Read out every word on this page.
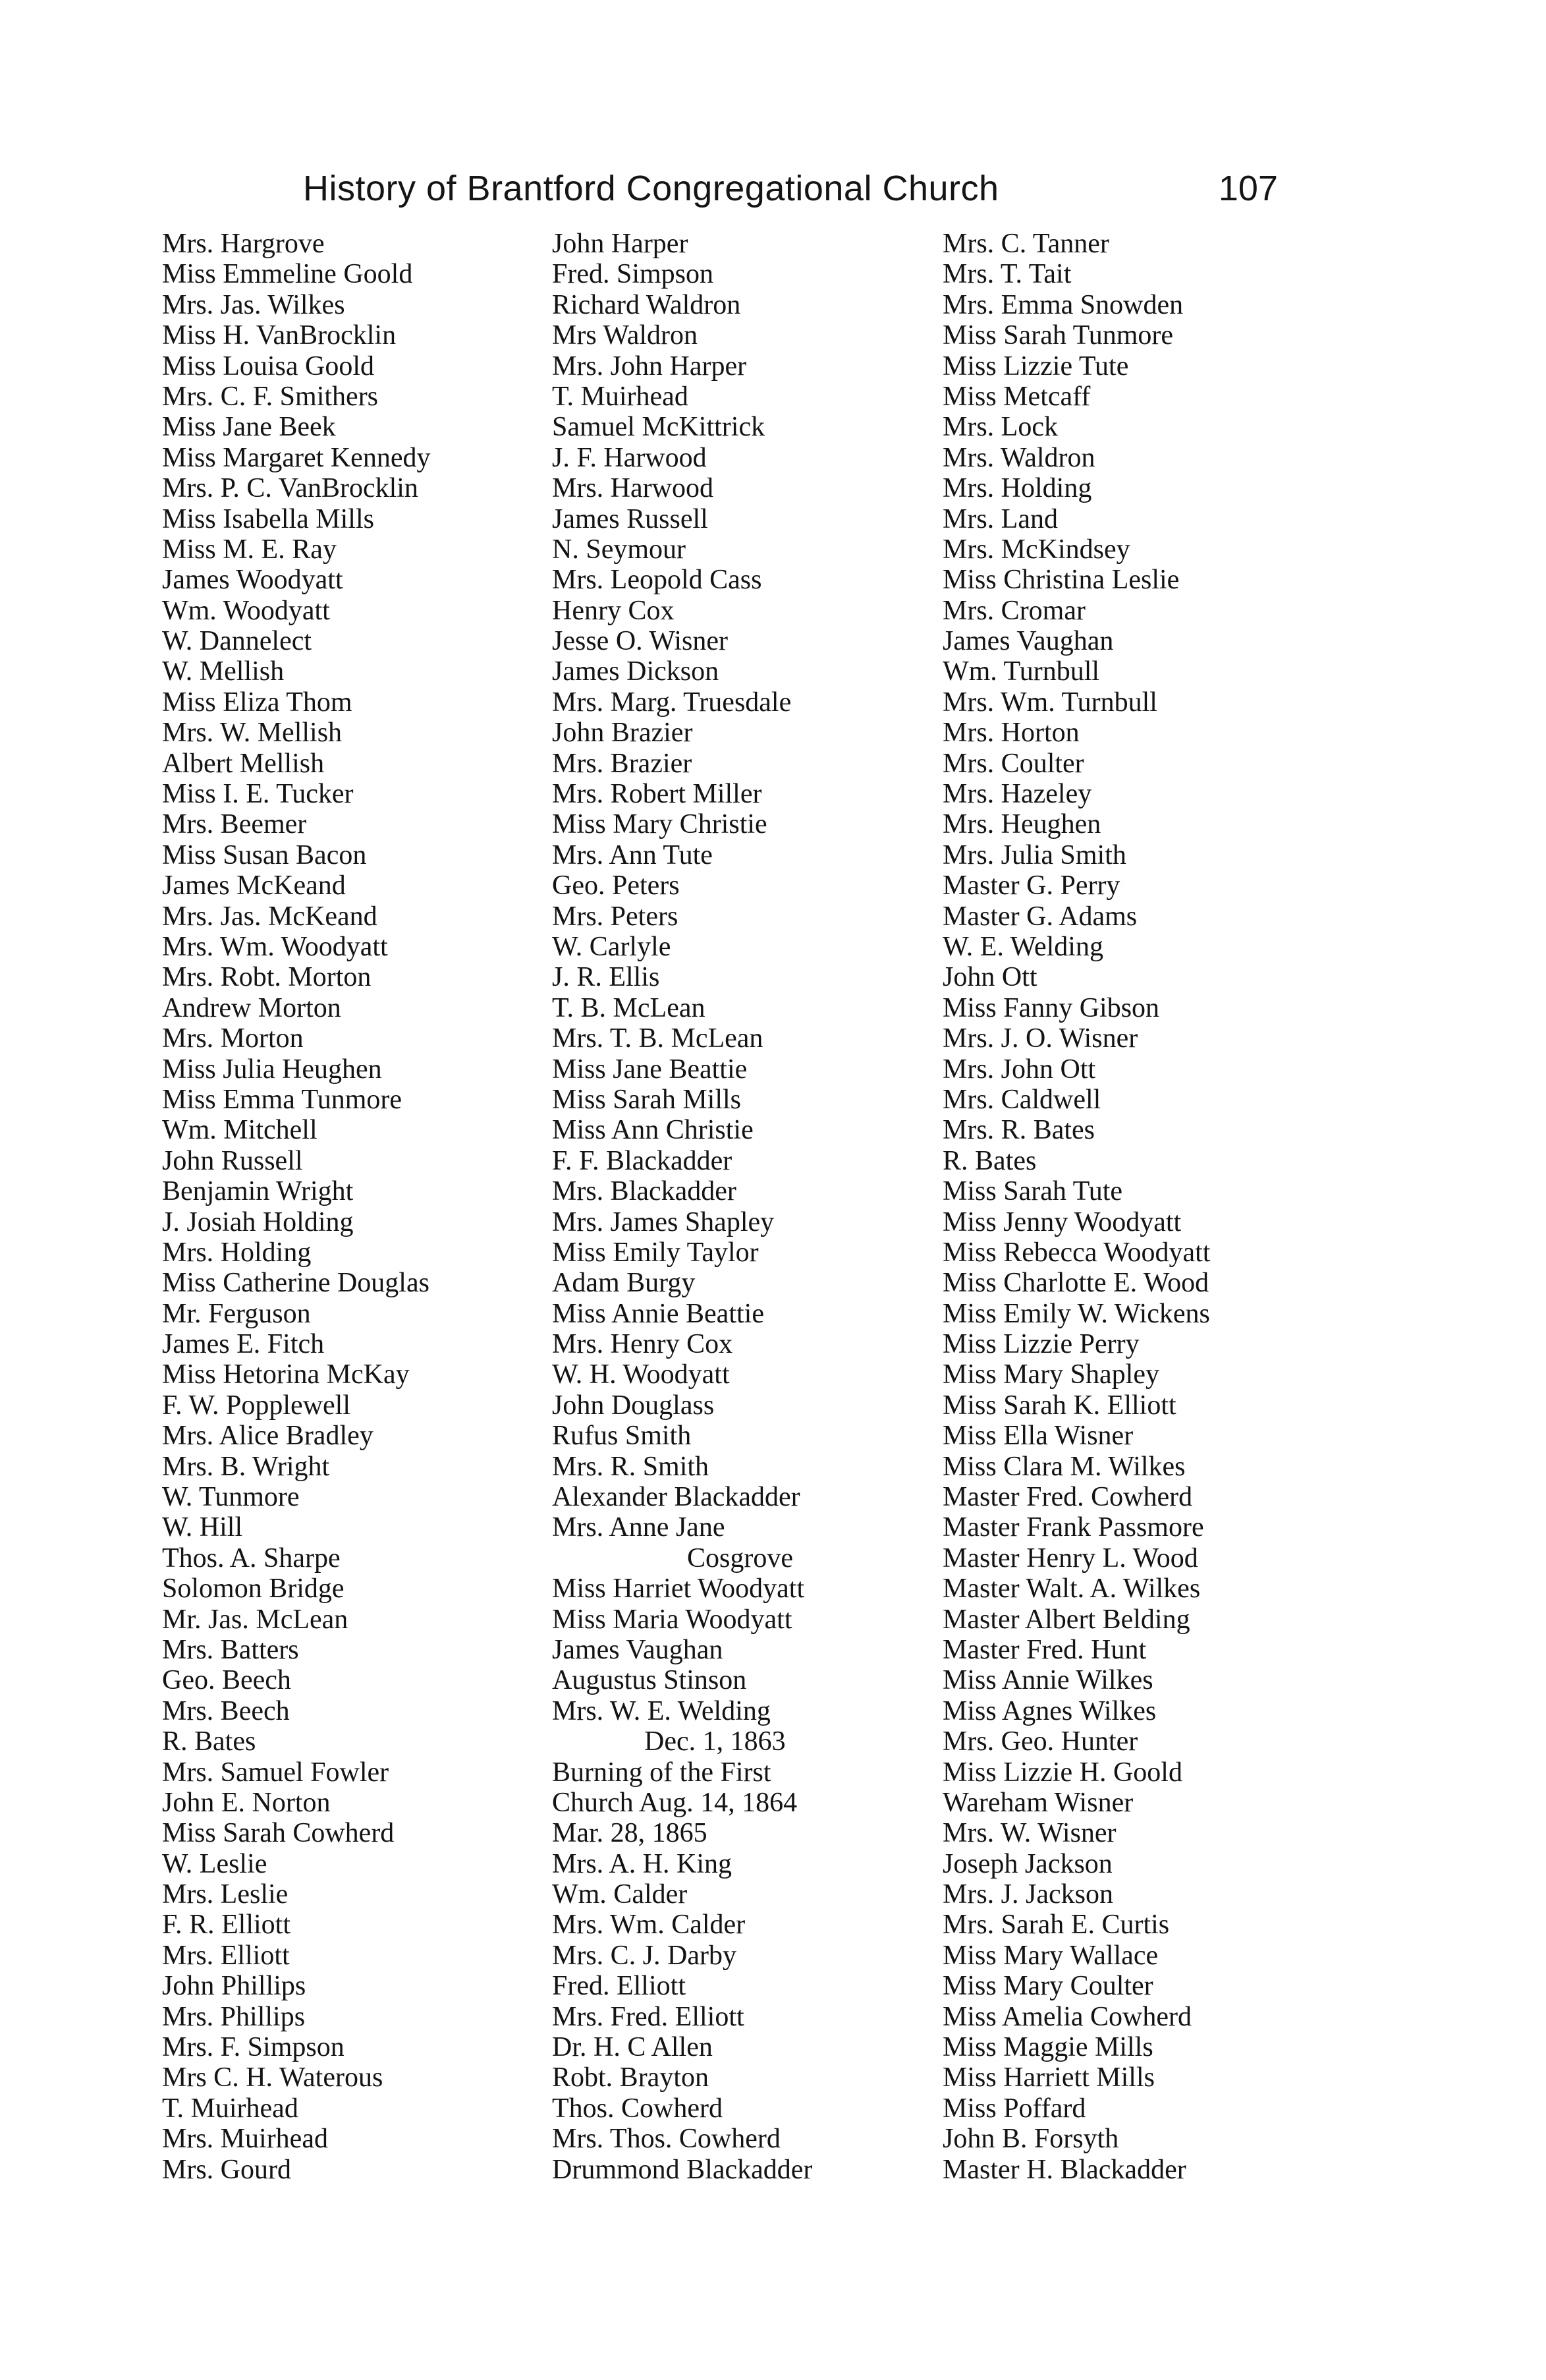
History of Brantford Congregational Church	107
Mrs. Hargrove
Miss Emmeline Goold
Mrs. Jas. Wilkes
Miss H. VanBrocklin
Miss Louisa Goold
Mrs. C. F. Smithers
Miss Jane Beek
Miss Margaret Kennedy
Mrs. P. C. VanBrocklin
Miss Isabella Mills
Miss M. E. Ray
James Woodyatt
Wm. Woodyatt
W. Dannelect
W. Mellish
Miss Eliza Thom
Mrs. W. Mellish
Albert Mellish
Miss I. E. Tucker
Mrs. Beemer
Miss Susan Bacon
James McKeand
Mrs. Jas. McKeand
Mrs. Wm. Woodyatt
Mrs. Robt. Morton
Andrew Morton
Mrs. Morton
Miss Julia Heughen
Miss Emma Tunmore
Wm. Mitchell
John Russell
Benjamin Wright
J. Josiah Holding
Mrs. Holding
Miss Catherine Douglas
Mr. Ferguson
James E. Fitch
Miss Hetorina McKay
F. W. Popplewell
Mrs. Alice Bradley
Mrs. B. Wright
W. Tunmore
W. Hill
Thos. A. Sharpe
Solomon Bridge
Mr. Jas. McLean
Mrs. Batters
Geo. Beech
Mrs. Beech
R. Bates
Mrs. Samuel Fowler
John E. Norton
Miss Sarah Cowherd
W. Leslie
Mrs. Leslie
F. R. Elliott
Mrs. Elliott
John Phillips
Mrs. Phillips
Mrs. F. Simpson
Mrs C. H. Waterous
T. Muirhead
Mrs. Muirhead
Mrs. Gourd
John Harper
Fred. Simpson
Richard Waldron
Mrs Waldron
Mrs. John Harper
T. Muirhead
Samuel McKittrick
J. F. Harwood
Mrs. Harwood
James Russell
N. Seymour
Mrs. Leopold Cass
Henry Cox
Jesse O. Wisner
James Dickson
Mrs. Marg. Truesdale
John Brazier
Mrs. Brazier
Mrs. Robert Miller
Miss Mary Christie
Mrs. Ann Tute
Geo. Peters
Mrs. Peters
W. Carlyle
J. R. Ellis
T. B. McLean
Mrs. T. B. McLean
Miss Jane Beattie
Miss Sarah Mills
Miss Ann Christie
F. F. Blackadder
Mrs. Blackadder
Mrs. James Shapley
Miss Emily Taylor
Adam Burgy
Miss Annie Beattie
Mrs. Henry Cox
W. H. Woodyatt
John Douglass
Rufus Smith
Mrs. R. Smith
Alexander Blackadder
Mrs. Anne Jane
Cosgrove
Miss Harriet Woodyatt
Miss Maria Woodyatt
James Vaughan
Augustus Stinson
Mrs. W. E. Welding
Dec. 1, 1863
Burning of the First
Church Aug. 14, 1864
Mar. 28, 1865
Mrs. A. H. King
Wm. Calder
Mrs. Wm. Calder
Mrs. C. J. Darby
Fred. Elliott
Mrs. Fred. Elliott
Dr. H. C Allen
Robt. Brayton
Thos. Cowherd
Mrs. Thos. Cowherd
Drummond Blackadder
Mrs. C. Tanner
Mrs. T. Tait
Mrs. Emma Snowden
Miss Sarah Tunmore
Miss Lizzie Tute
Miss Metcaff
Mrs. Lock
Mrs. Waldron
Mrs. Holding
Mrs. Land
Mrs. McKindsey
Miss Christina Leslie
Mrs. Cromar
James Vaughan
Wm. Turnbull
Mrs. Wm. Turnbull
Mrs. Horton
Mrs. Coulter
Mrs. Hazeley
Mrs. Heughen
Mrs. Julia Smith
Master G. Perry
Master G. Adams
W. E. Welding
John Ott
Miss Fanny Gibson
Mrs. J. O. Wisner
Mrs. John Ott
Mrs. Caldwell
Mrs. R. Bates
R. Bates
Miss Sarah Tute
Miss Jenny Woodyatt
Miss Rebecca Woodyatt
Miss Charlotte E. Wood
Miss Emily W. Wickens
Miss Lizzie Perry
Miss Mary Shapley
Miss Sarah K. Elliott
Miss Ella Wisner
Miss Clara M. Wilkes
Master Fred. Cowherd
Master Frank Passmore
Master Henry L. Wood
Master Walt. A. Wilkes
Master Albert Belding
Master Fred. Hunt
Miss Annie Wilkes
Miss Agnes Wilkes
Mrs. Geo. Hunter
Miss Lizzie H. Goold
Wareham Wisner
Mrs. W. Wisner
Joseph Jackson
Mrs. J. Jackson
Mrs. Sarah E. Curtis
Miss Mary Wallace
Miss Mary Coulter
Miss Amelia Cowherd
Miss Maggie Mills
Miss Harriett Mills
Miss Poffard
John B. Forsyth
Master H. Blackadder
